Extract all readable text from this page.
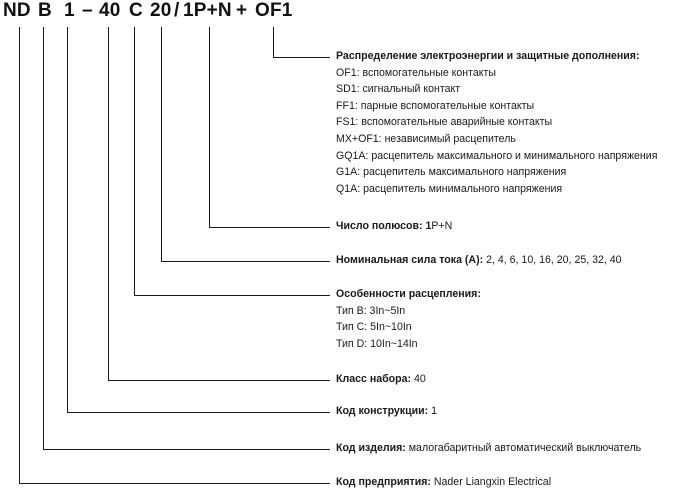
ND B 1 – 40 C 20 / 1P+N + OF1
Распределение электроэнергии и защитные дополнения:
OF1: вспомогательные контакты
SD1: сигнальный контакт
FF1: парные вспомогательные контакты
FS1: вспомогательные аварийные контакты
MX+OF1: независимый расцепитель
GQ1A: расцепитель максимального и минимального напряжения
G1A: расцепитель максимального напряжения
Q1A: расцепитель минимального напряжения
Число полюсов: 1P+N
Номинальная сила тока (А): 2, 4, 6, 10, 16, 20, 25, 32, 40
Особенности расцепления:
Тип B: 3In~5In
Тип C: 5In~10In
Тип D: 10In~14In
Класс набора: 40
Код конструкции: 1
Код изделия: малогабаритный автоматический выключатель
Код предприятия: Nader Liangxin Electrical
